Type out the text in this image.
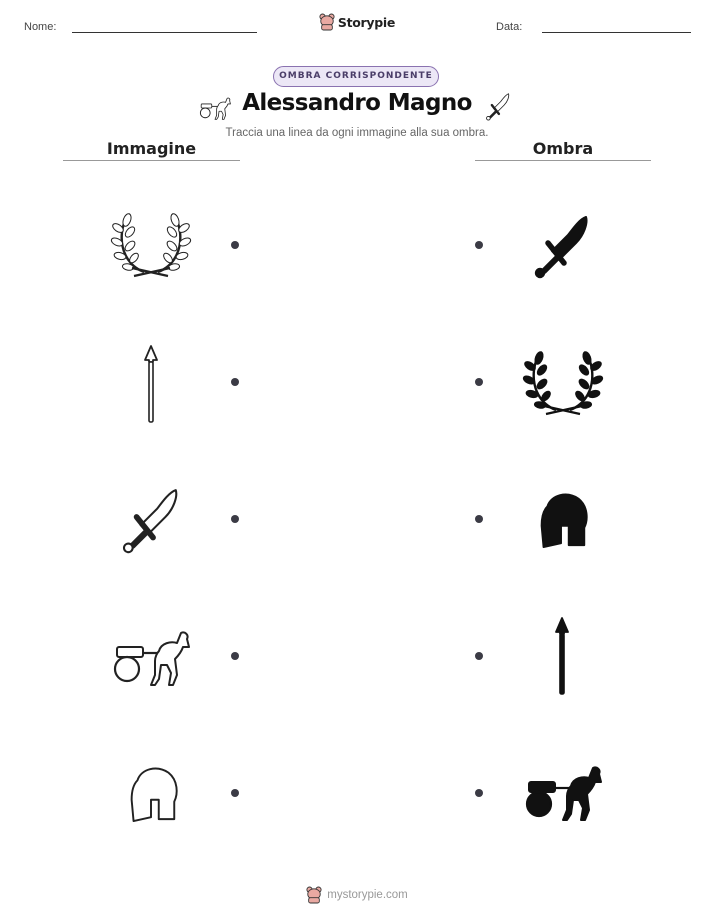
Nome:	Storypie	Data:
OMBRA CORRISPONDENTE
Alessandro Magno
Traccia una linea da ogni immagine alla sua ombra.
Immagine	Ombra
mystorypie.com
